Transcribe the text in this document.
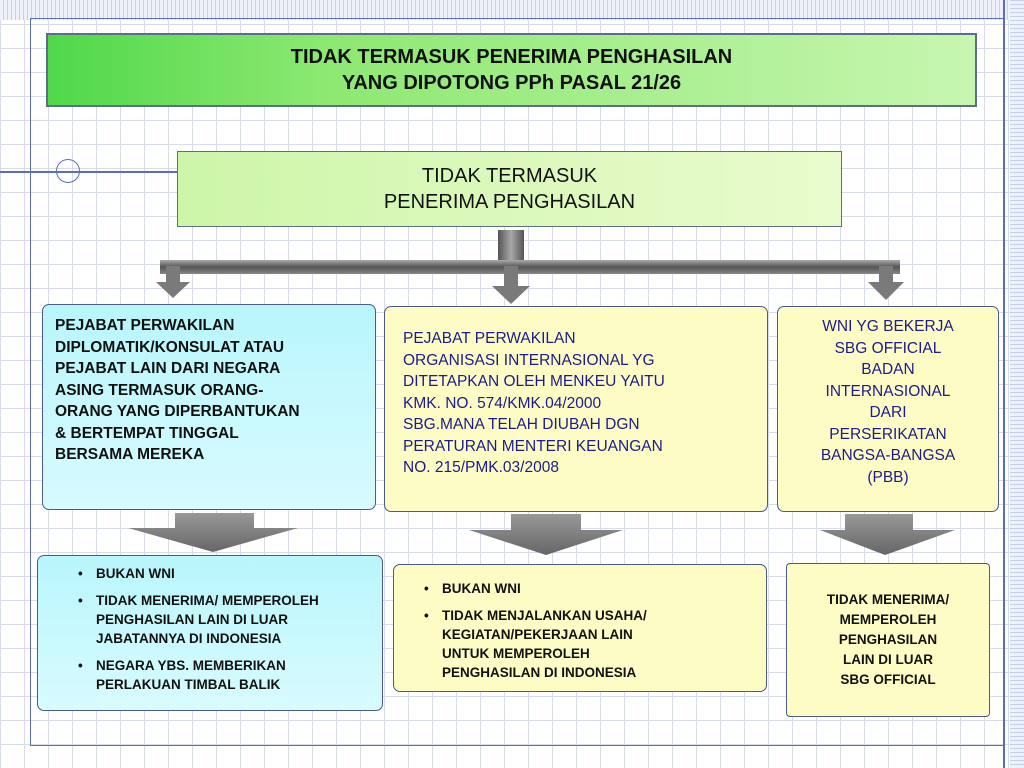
TIDAK TERMASUK PENERIMA PENGHASILAN
YANG DIPOTONG PPh PASAL 21/26
TIDAK TERMASUK
PENERIMA PENGHASILAN
PEJABAT PERWAKILAN
DIPLOMATIK/KONSULAT ATAU
PEJABAT LAIN DARI NEGARA
ASING TERMASUK ORANG-
ORANG YANG DIPERBANTUKAN
& BERTEMPAT TINGGAL
BERSAMA MEREKA
PEJABAT PERWAKILAN
ORGANISASI INTERNASIONAL YG
DITETAPKAN OLEH MENKEU YAITU
KMK. NO. 574/KMK.04/2000
SBG.MANA TELAH DIUBAH DGN
PERATURAN MENTERI KEUANGAN
NO. 215/PMK.03/2008
WNI YG BEKERJA
SBG OFFICIAL
BADAN
INTERNASIONAL
DARI
PERSERIKATAN
BANGSA-BANGSA
(PBB)
• BUKAN WNI
• TIDAK MENERIMA/ MEMPEROLEH
PENGHASILAN LAIN DI LUAR
JABATANNYA DI INDONESIA
• NEGARA YBS. MEMBERIKAN
PERLAKUAN TIMBAL BALIK
• BUKAN WNI
• TIDAK MENJALANKAN USAHA/
KEGIATAN/PEKERJAAN LAIN
UNTUK MEMPEROLEH
PENGHASILAN DI INDONESIA
TIDAK MENERIMA/
MEMPEROLEH
PENGHASILAN
LAIN DI LUAR
SBG OFFICIAL
